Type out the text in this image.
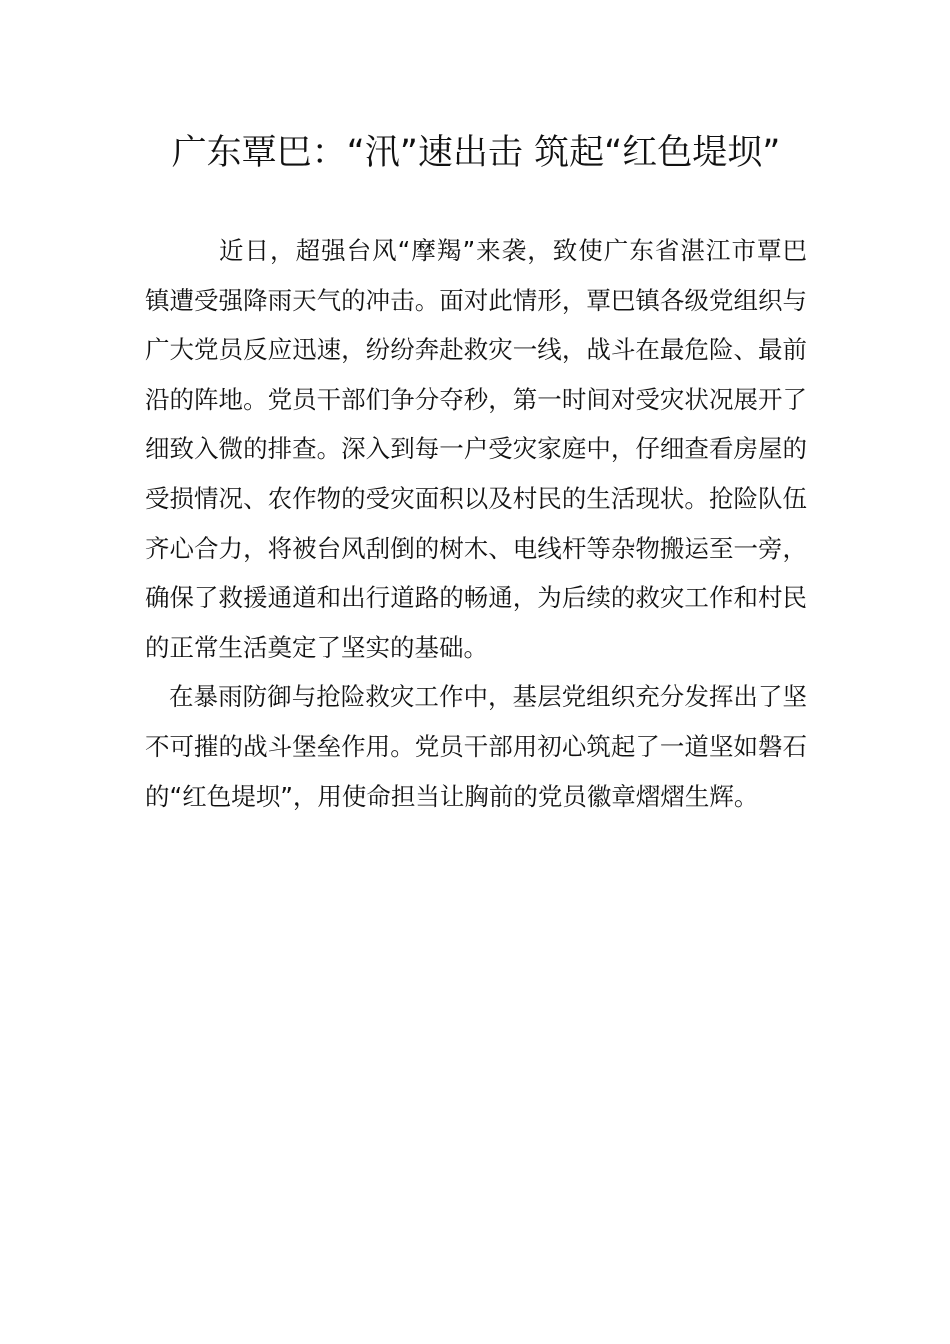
广东覃巴：“汛”速出击 筑起“红色堤坝”

近日，超强台风“摩羯”来袭，致使广东省湛江市覃巴镇遭受强降雨天气的冲击。面对此情形，覃巴镇各级党组织与广大党员反应迅速，纷纷奔赴救灾一线，战斗在最危险、最前沿的阵地。党员干部们争分夺秒，第一时间对受灾状况展开了细致入微的排查。深入到每一户受灾家庭中，仔细查看房屋的受损情况、农作物的受灾面积以及村民的生活现状。抢险队伍齐心合力，将被台风刮倒的树木、电线杆等杂物搬运至一旁，确保了救援通道和出行道路的畅通，为后续的救灾工作和村民的正常生活奠定了坚实的基础。

在暴雨防御与抢险救灾工作中，基层党组织充分发挥出了坚不可摧的战斗堡垒作用。党员干部用初心筑起了一道坚如磐石的“红色堤坝”，用使命担当让胸前的党员徽章熠熠生辉。
